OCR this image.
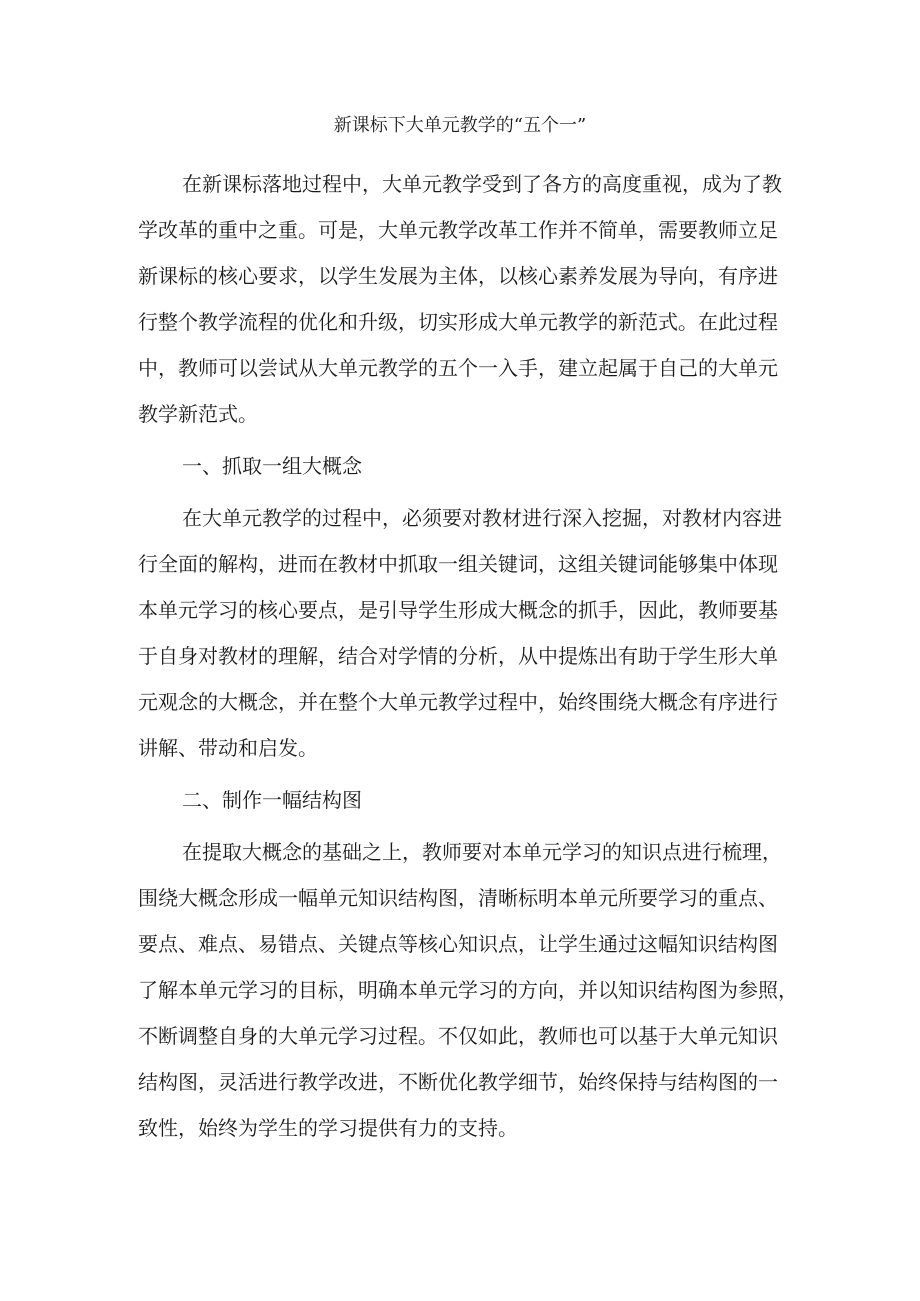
新课标下大单元教学的“五个一”
在新课标落地过程中，大单元教学受到了各方的高度重视，成为了教
学改革的重中之重。可是，大单元教学改革工作并不简单，需要教师立足
新课标的核心要求，以学生发展为主体，以核心素养发展为导向，有序进
行整个教学流程的优化和升级，切实形成大单元教学的新范式。在此过程
中，教师可以尝试从大单元教学的五个一入手，建立起属于自己的大单元
教学新范式。
一、抓取一组大概念
在大单元教学的过程中，必须要对教材进行深入挖掘，对教材内容进
行全面的解构，进而在教材中抓取一组关键词，这组关键词能够集中体现
本单元学习的核心要点，是引导学生形成大概念的抓手，因此，教师要基
于自身对教材的理解，结合对学情的分析，从中提炼出有助于学生形大单
元观念的大概念，并在整个大单元教学过程中，始终围绕大概念有序进行
讲解、带动和启发。
二、制作一幅结构图
在提取大概念的基础之上，教师要对本单元学习的知识点进行梳理，
围绕大概念形成一幅单元知识结构图，清晰标明本单元所要学习的重点、
要点、难点、易错点、关键点等核心知识点，让学生通过这幅知识结构图
了解本单元学习的目标，明确本单元学习的方向，并以知识结构图为参照，
不断调整自身的大单元学习过程。不仅如此，教师也可以基于大单元知识
结构图，灵活进行教学改进，不断优化教学细节，始终保持与结构图的一
致性，始终为学生的学习提供有力的支持。
